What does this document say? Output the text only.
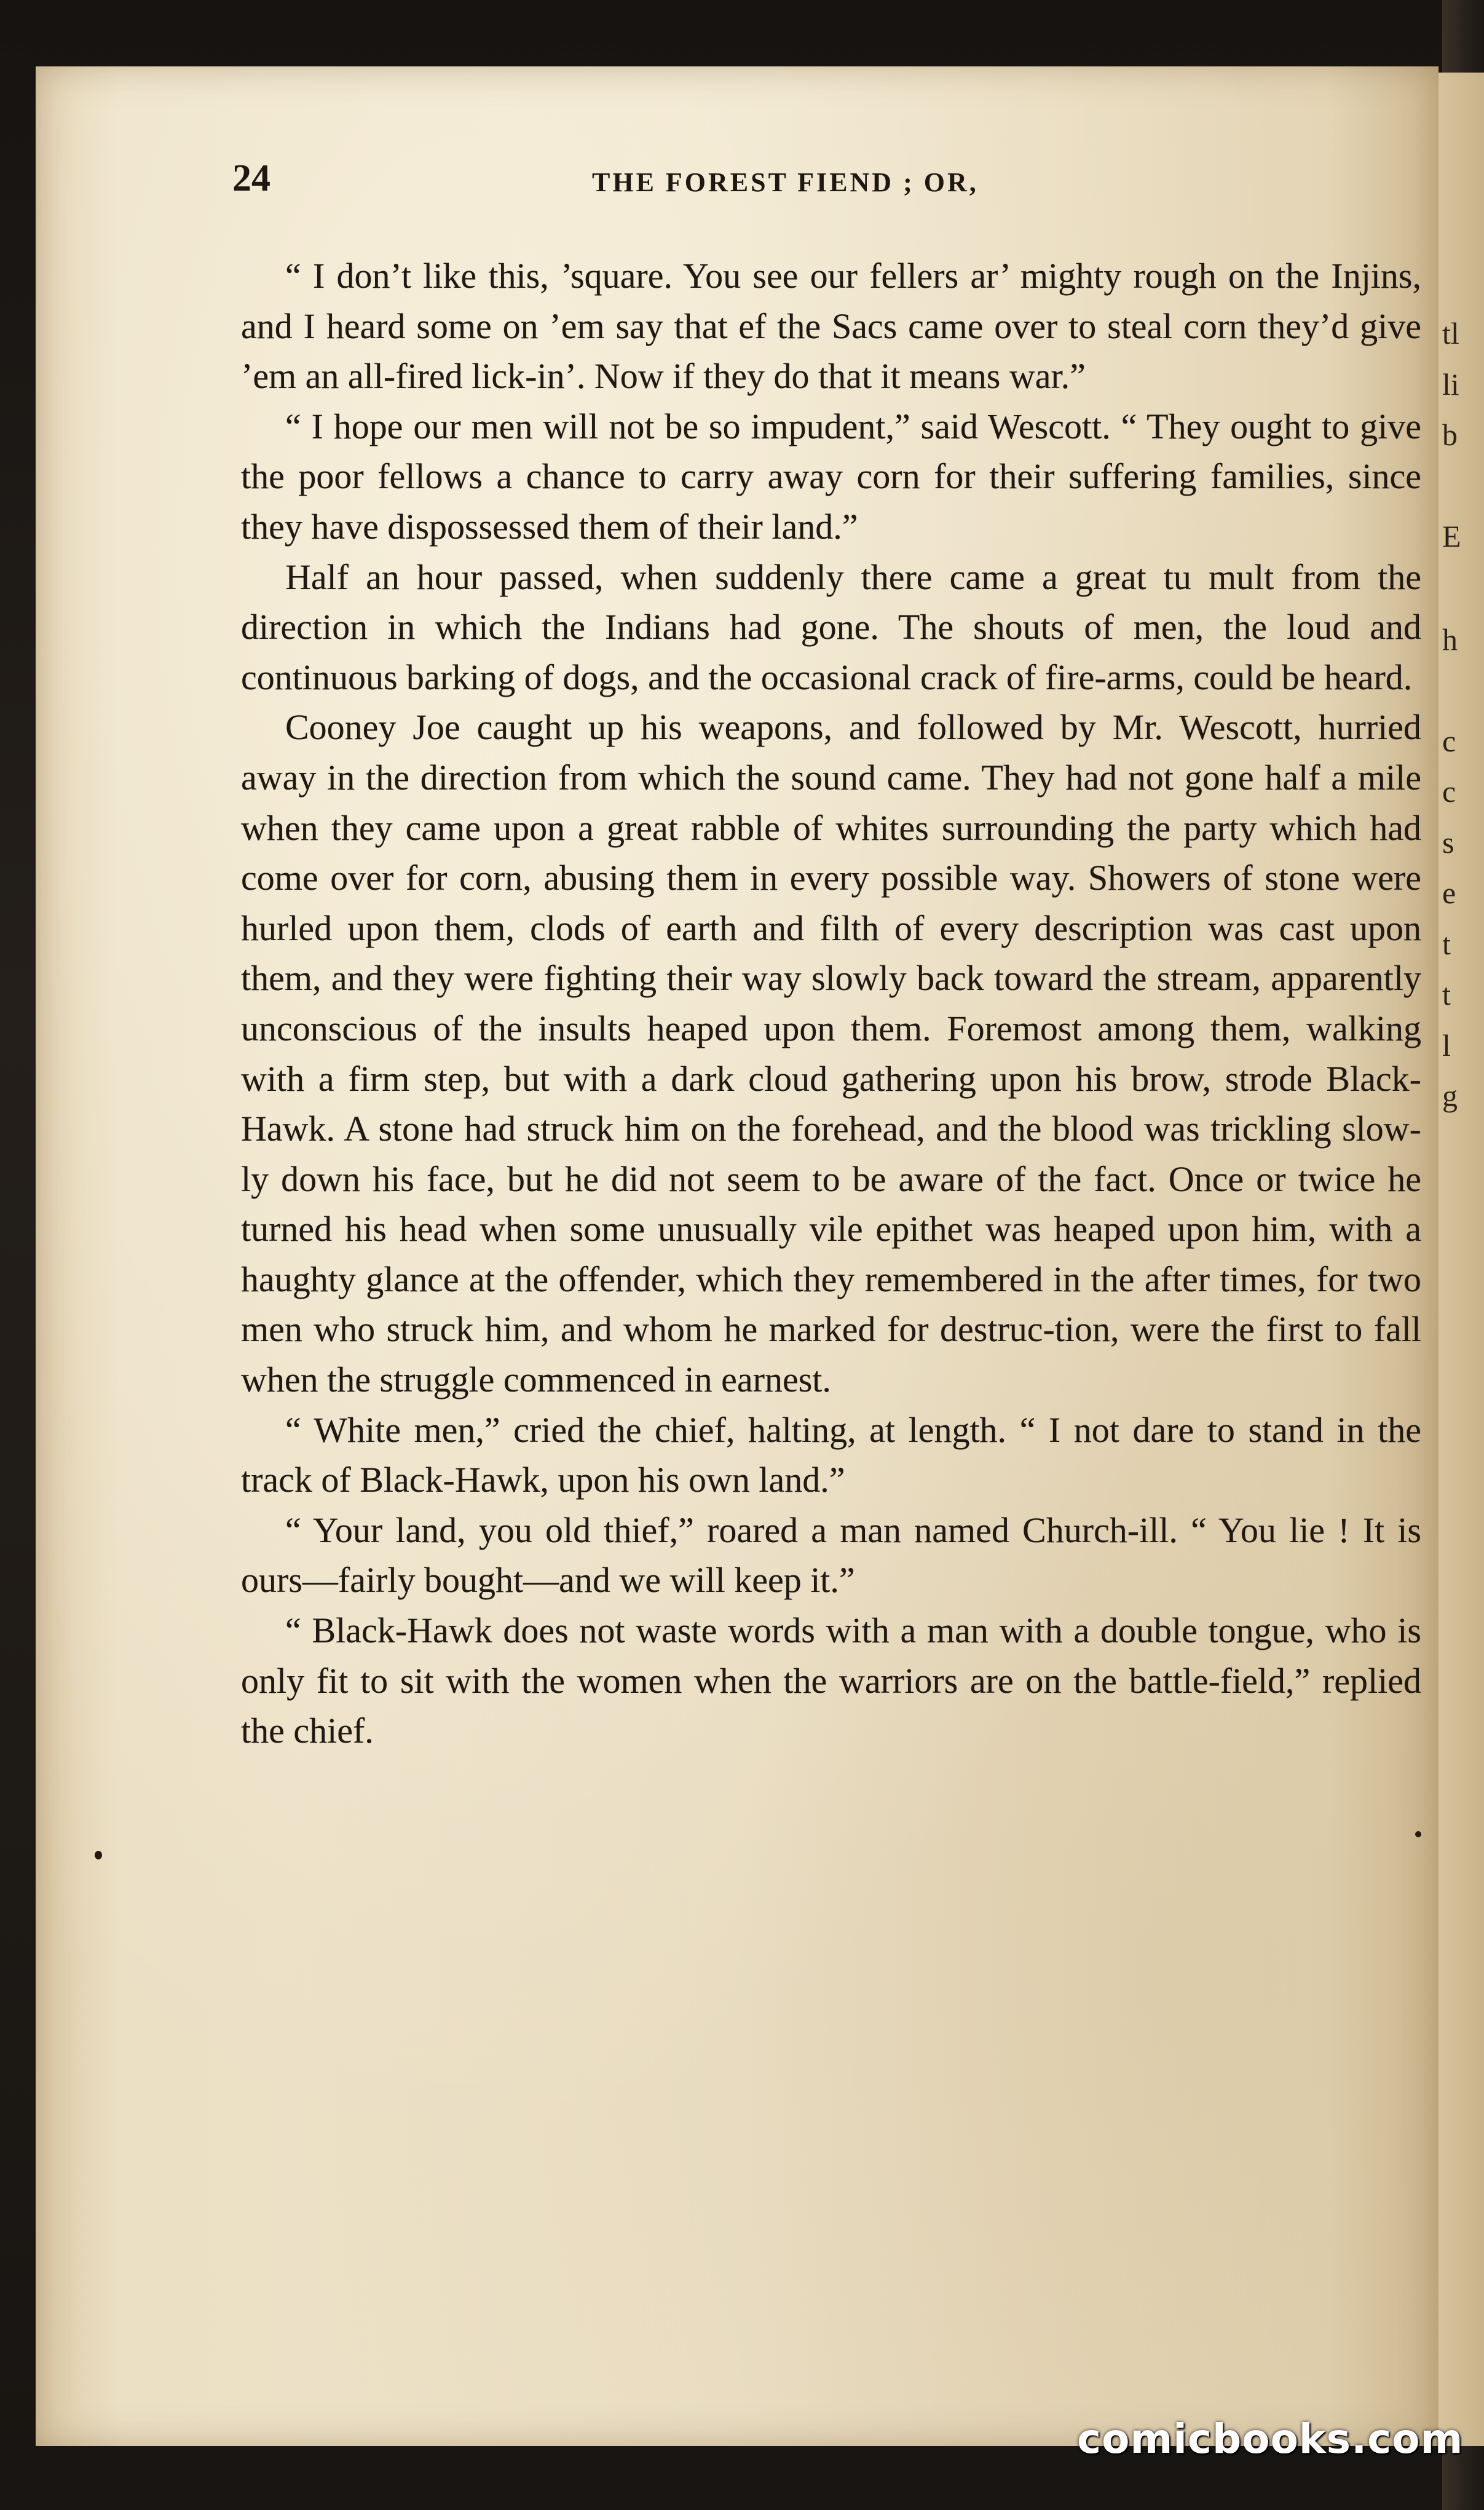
tl
li
b
E
h
c
c
s
e
t
t
l
g
24	THE FOREST FIEND ; OR,

“ I don’t like this, ’square. You see our fellers ar’ mighty rough on the Injins, and I heard some on ’em say that ef the Sacs came over to steal corn they’d give ’em an all-fired lick-in’. Now if they do that it means war.”

“ I hope our men will not be so impudent,” said Wescott. “ They ought to give the poor fellows a chance to carry away corn for their suffering families, since they have dispossessed them of their land.”

Half an hour passed, when suddenly there came a great tu mult from the direction in which the Indians had gone. The shouts of men, the loud and continuous barking of dogs, and the occasional crack of fire-arms, could be heard.

Cooney Joe caught up his weapons, and followed by Mr. Wescott, hurried away in the direction from which the sound came. They had not gone half a mile when they came upon a great rabble of whites surrounding the party which had come over for corn, abusing them in every possible way. Showers of stone were hurled upon them, clods of earth and filth of every description was cast upon them, and they were fighting their way slowly back toward the stream, apparently unconscious of the insults heaped upon them. Foremost among them, walking with a firm step, but with a dark cloud gathering upon his brow, strode Black-Hawk. A stone had struck him on the forehead, and the blood was trickling slow-ly down his face, but he did not seem to be aware of the fact. Once or twice he turned his head when some unusually vile epithet was heaped upon him, with a haughty glance at the offender, which they remembered in the after times, for two men who struck him, and whom he marked for destruc-tion, were the first to fall when the struggle commenced in earnest.

“ White men,” cried the chief, halting, at length. “ I not dare to stand in the track of Black-Hawk, upon his own land.”

“ Your land, you old thief,” roared a man named Church-ill. “ You lie ! It is ours—fairly bought—and we will keep it.”

“ Black-Hawk does not waste words with a man with a double tongue, who is only fit to sit with the women when the warriors are on the battle-field,” replied the chief.

comicbooks.com
